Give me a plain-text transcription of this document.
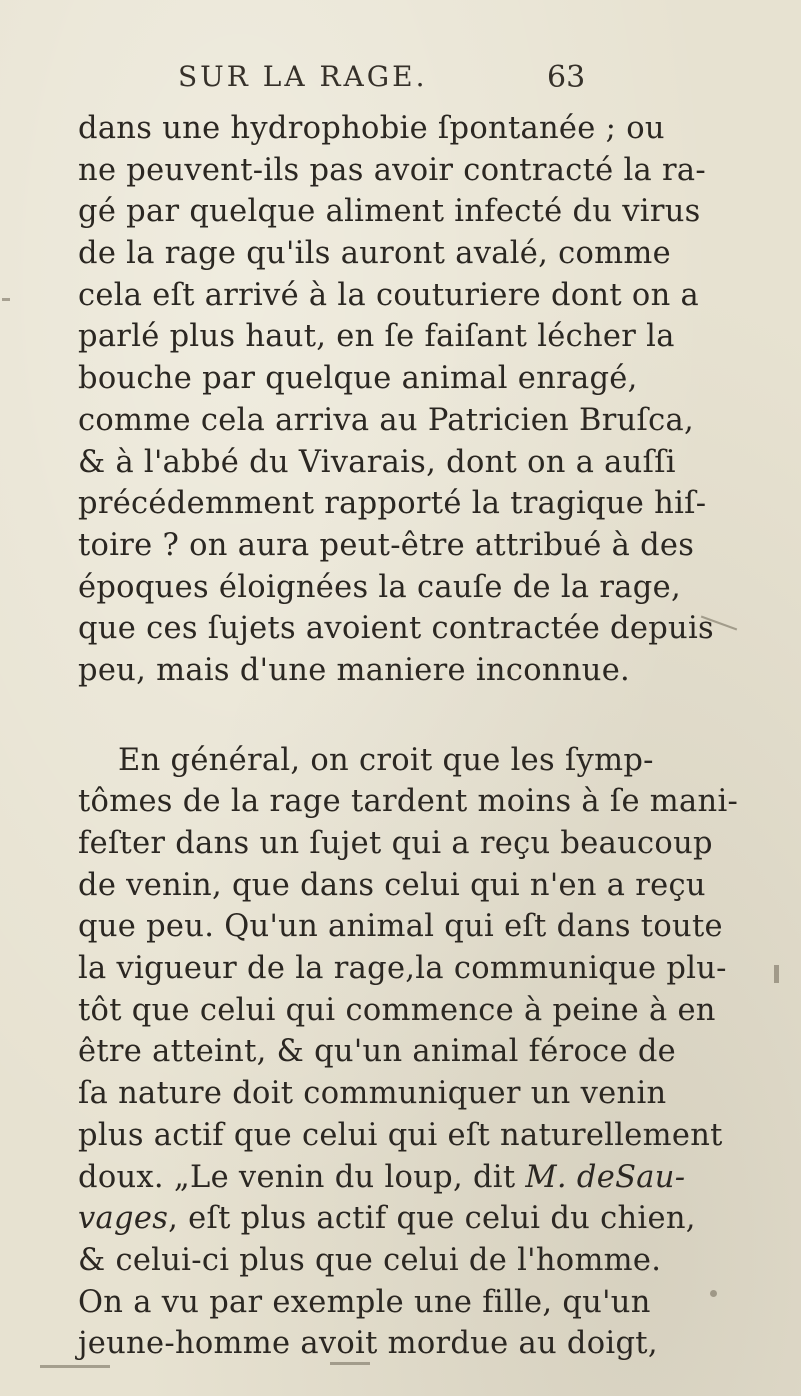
SUR LA RAGE.	63
dans une hydrophobie ſpontanée ; ou
ne peuvent-ils pas avoir contracté la ra-
gé par quelque aliment infecté du virus
de la rage qu'ils auront avalé, comme
cela eſt arrivé à la couturiere dont on a
parlé plus haut, en ſe faiſant lécher la
bouche par quelque animal enragé,
comme cela arriva au Patricien Bruſca,
& à l'abbé du Vivarais, dont on a auſſi
précédemment rapporté la tragique hiſ-
toire ? on aura peut-être attribué à des
époques éloignées la cauſe de la rage,
que ces ſujets avoient contractée depuis
peu, mais d'une maniere inconnue.
En général, on croit que les ſymp-
tômes de la rage tardent moins à ſe mani-
feſter dans un ſujet qui a reçu beaucoup
de venin, que dans celui qui n'en a reçu
que peu. Qu'un animal qui eſt dans toute
la vigueur de la rage,la communique plu-
tôt que celui qui commence à peine à en
être atteint, & qu'un animal féroce de
ſa nature doit communiquer un venin
plus actif que celui qui eſt naturellement
doux. „Le venin du loup, dit M. deSau-
vages, eſt plus actif que celui du chien,
& celui-ci plus que celui de l'homme.
On a vu par exemple une fille, qu'un
jeune-homme avoit mordue au doigt,
